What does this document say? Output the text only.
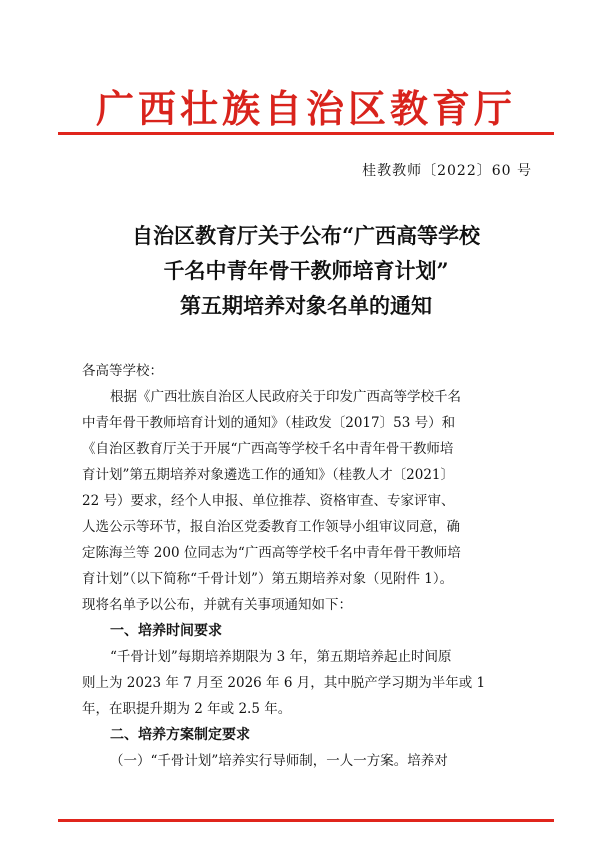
广西壮族自治区教育厅
桂教教师〔2022〕60 号
自治区教育厅关于公布“广西高等学校
千名中青年骨干教师培育计划”
第五期培养对象名单的通知
各高等学校：
根据《广西壮族自治区人民政府关于印发广西高等学校千名
中青年骨干教师培育计划的通知》（桂政发〔2017〕53 号）和
《自治区教育厅关于开展“广西高等学校千名中青年骨干教师培
育计划”第五期培养对象遴选工作的通知》（桂教人才〔2021〕
22 号）要求，经个人申报、单位推荐、资格审查、专家评审、
人选公示等环节，报自治区党委教育工作领导小组审议同意，确
定陈海兰等 200 位同志为“广西高等学校千名中青年骨干教师培
育计划”（以下简称“千骨计划”）第五期培养对象（见附件 1）。
现将名单予以公布，并就有关事项通知如下：
一、培养时间要求
“千骨计划”每期培养期限为 3 年，第五期培养起止时间原
则上为 2023 年 7 月至 2026 年 6 月，其中脱产学习期为半年或 1
年，在职提升期为 2 年或 2.5 年。
二、培养方案制定要求
（一）“千骨计划”培养实行导师制，一人一方案。培养对
